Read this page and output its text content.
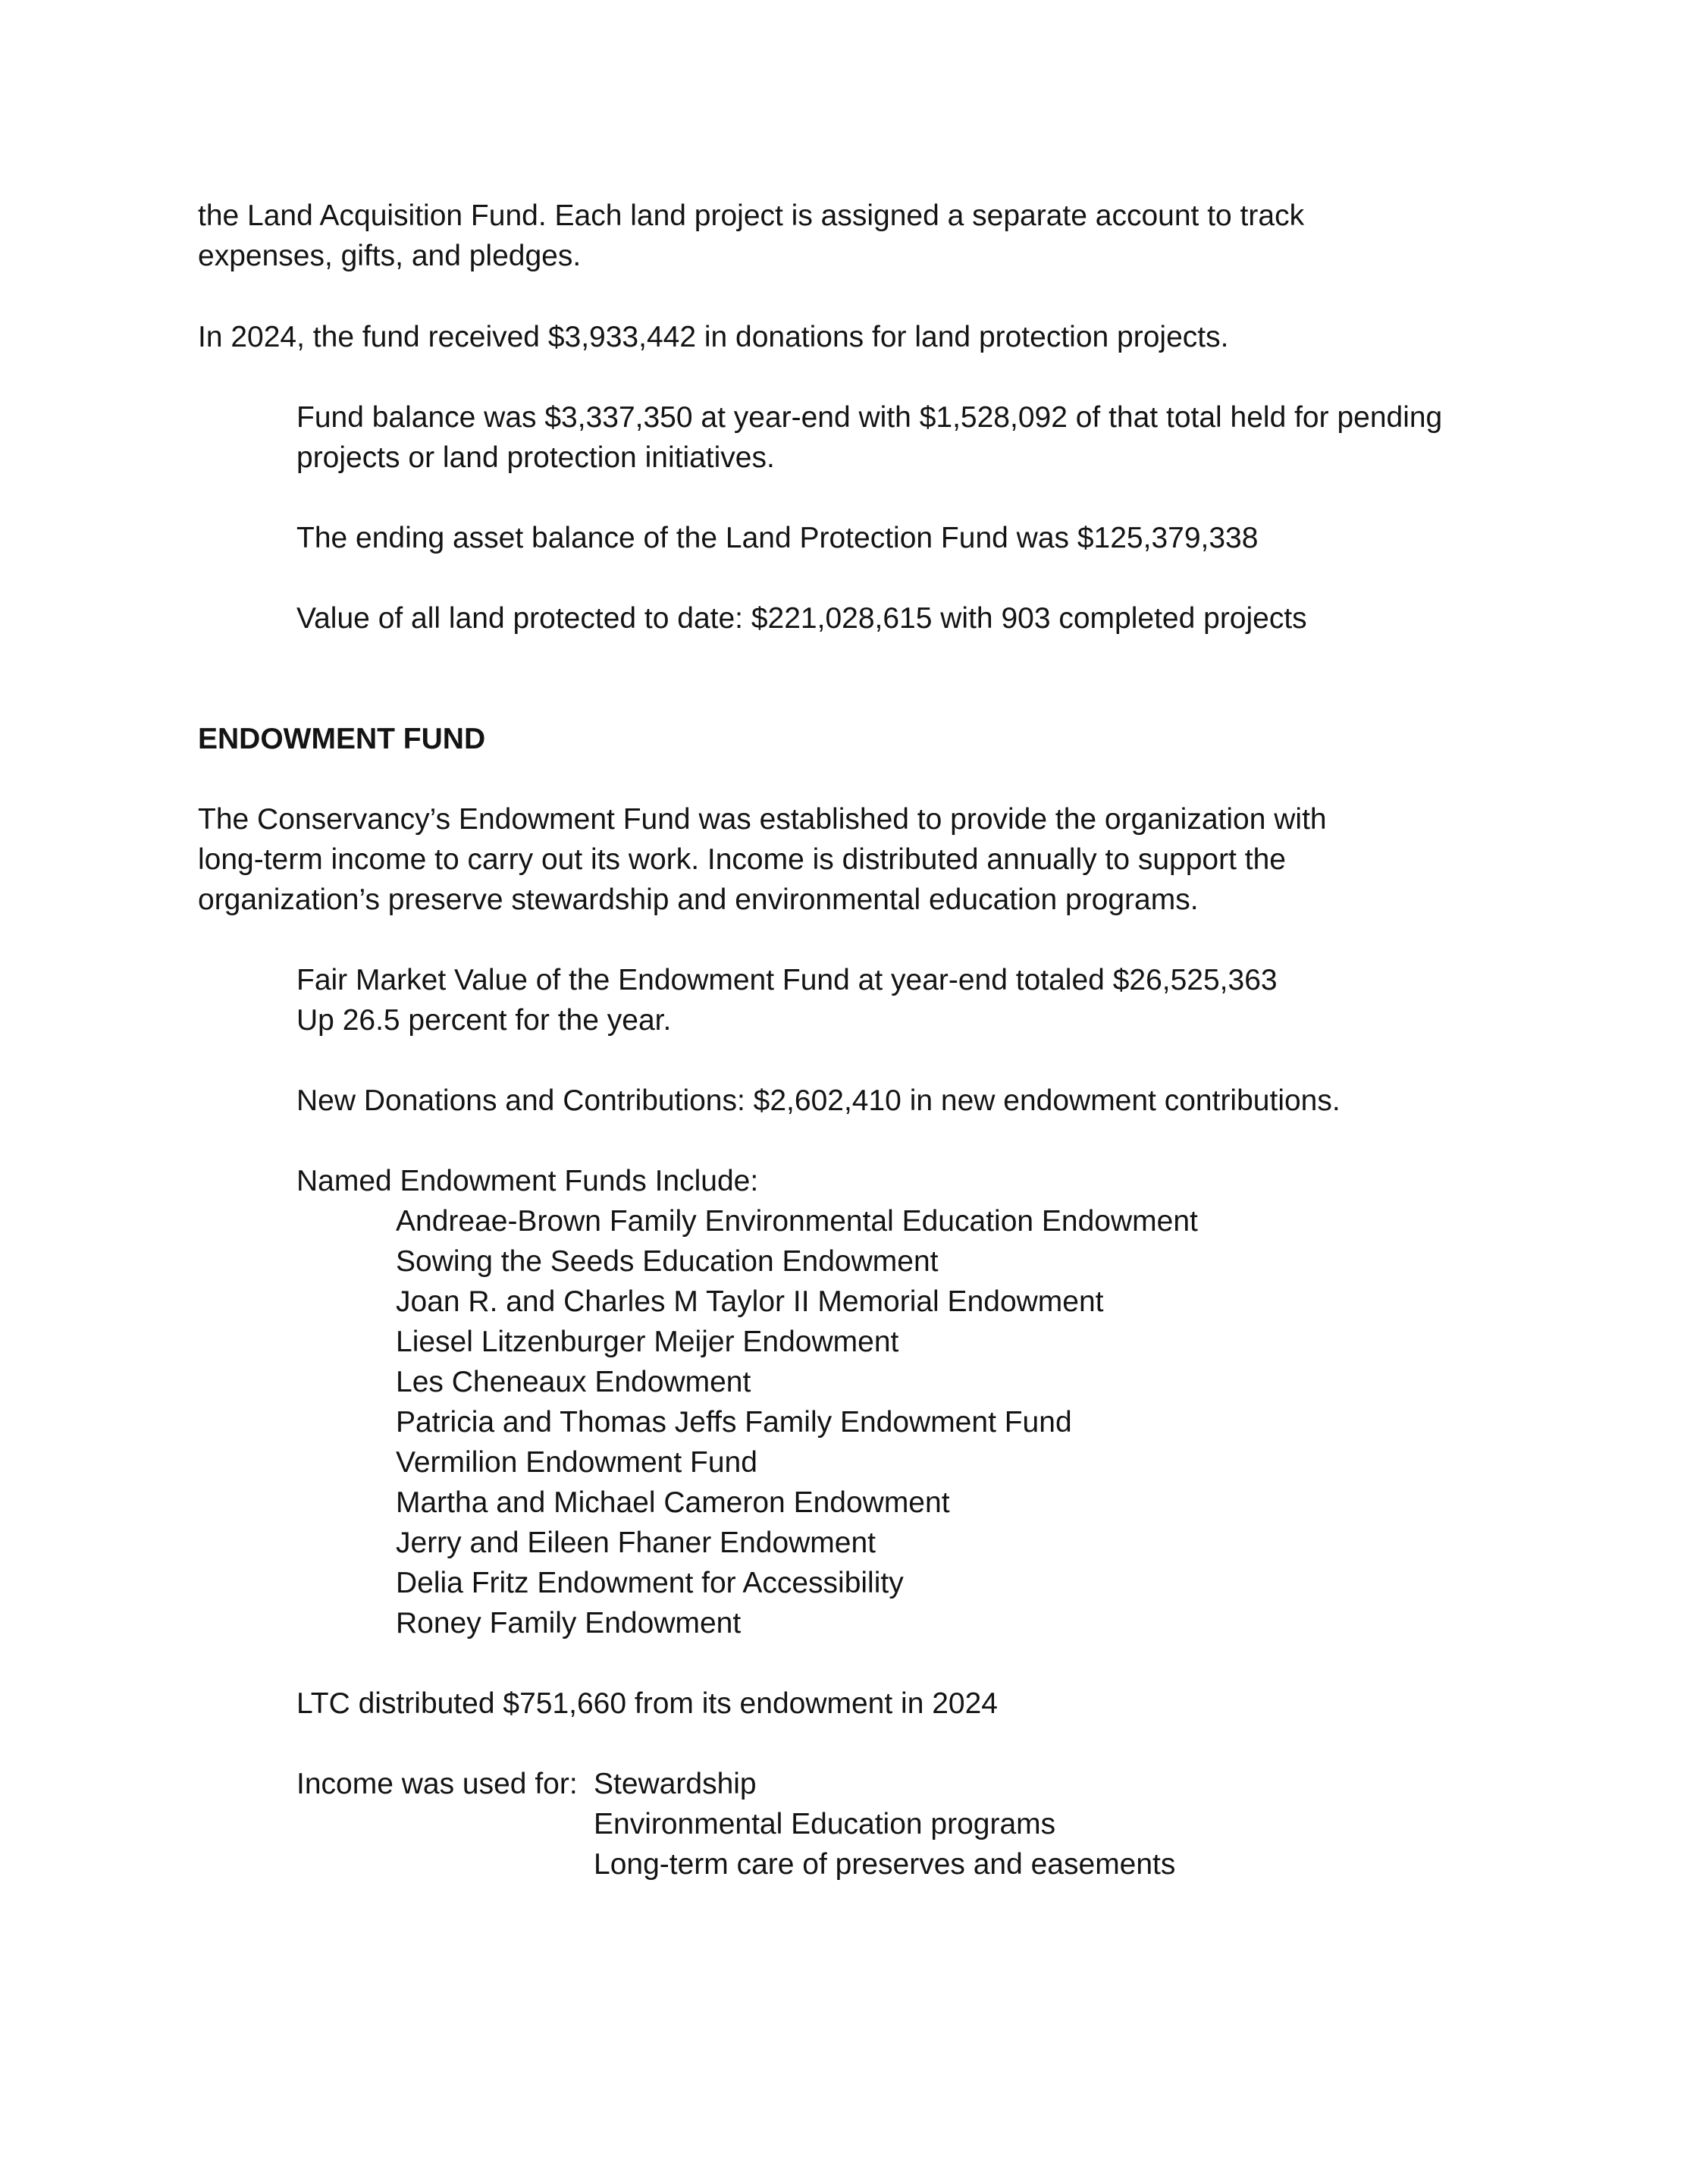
the Land Acquisition Fund. Each land project is assigned a separate account to track

expenses, gifts, and pledges.

In 2024, the fund received $3,933,442 in donations for land protection projects.

Fund balance was $3,337,350 at year-end with $1,528,092 of that total held for pending

projects or land protection initiatives.

The ending asset balance of the Land Protection Fund was $125,379,338

Value of all land protected to date: $221,028,615 with 903 completed projects

ENDOWMENT FUND

The Conservancy’s Endowment Fund was established to provide the organization with

long-term income to carry out its work. Income is distributed annually to support the

organization’s preserve stewardship and environmental education programs.

Fair Market Value of the Endowment Fund at year-end totaled $26,525,363

Up 26.5 percent for the year.

New Donations and Contributions: $2,602,410 in new endowment contributions.

Named Endowment Funds Include:

Andreae-Brown Family Environmental Education Endowment

Sowing the Seeds Education Endowment

Joan R. and Charles M Taylor II Memorial Endowment

Liesel Litzenburger Meijer Endowment

Les Cheneaux Endowment

Patricia and Thomas Jeffs Family Endowment Fund

Vermilion Endowment Fund

Martha and Michael Cameron Endowment

Jerry and Eileen Fhaner Endowment

Delia Fritz Endowment for Accessibility

Roney Family Endowment

LTC distributed $751,660 from its endowment in 2024

Income was used for: Stewardship

Environmental Education programs

Long-term care of preserves and easements
